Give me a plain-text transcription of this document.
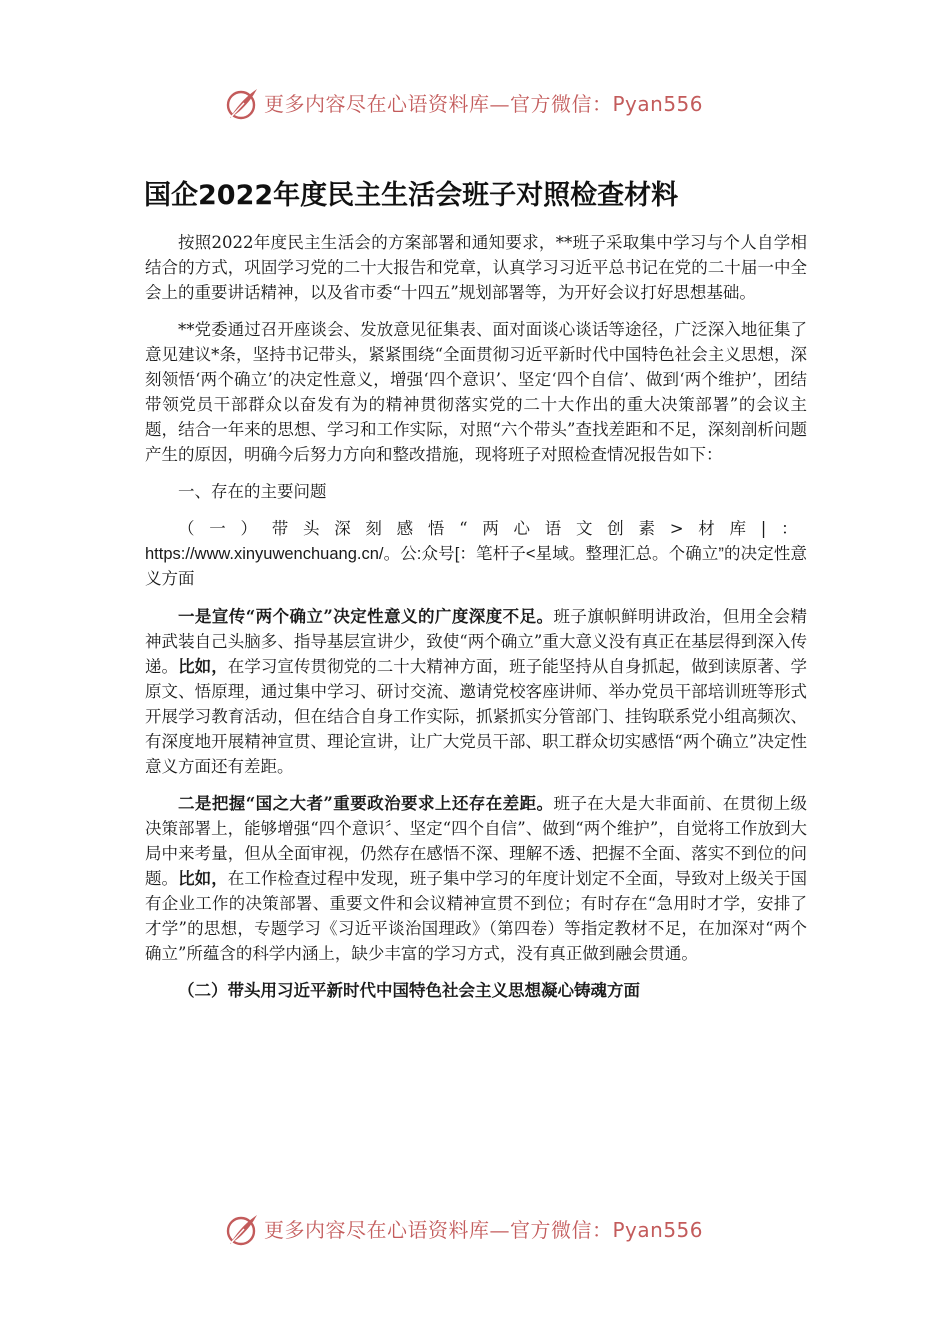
更多内容尽在心语资料库—官方微信：Pyan556
国企2022年度民主生活会班子对照检查材料

按照2022年度民主生活会的方案部署和通知要求，**班子采取集中学习与个人自学相结合的方式，巩固学习党的二十大报告和党章，认真学习习近平总书记在党的二十届一中全会上的重要讲话精神，以及省市委“十四五”规划部署等，为开好会议打好思想基础。

**党委通过召开座谈会、发放意见征集表、面对面谈心谈话等途径，广泛深入地征集了意见建议*条，坚持书记带头，紧紧围绕“全面贯彻习近平新时代中国特色社会主义思想，深刻领悟‘两个确立’的决定性意义，增强‘四个意识’、坚定‘四个自信’、做到‘两个维护’，团结带领党员干部群众以奋发有为的精神贯彻落实党的二十大作出的重大决策部署”的会议主题，结合一年来的思想、学习和工作实际，对照“六个带头”查找差距和不足，深刻剖析问题产生的原因，明确今后努力方向和整改措施，现将班子对照检查情况报告如下：

一、存在的主要问题

（一）带头深刻感悟“两心语文创素>材库|：https://www.xinyuwenchuang.cn/。公:众号[：笔杆子<星域。整理汇总。个确立”的决定性意义方面

一是宣传“两个确立”决定性意义的广度深度不足。班子旗帜鲜明讲政治，但用全会精神武装自己头脑多、指导基层宣讲少，致使“两个确立”重大意义没有真正在基层得到深入传递。比如，在学习宣传贯彻党的二十大精神方面，班子能坚持从自身抓起，做到读原著、学原文、悟原理，通过集中学习、研讨交流、邀请党校客座讲师、举办党员干部培训班等形式开展学习教育活动，但在结合自身工作实际，抓紧抓实分管部门、挂钩联系党小组高频次、有深度地开展精神宣贯、理论宣讲，让广大党员干部、职工群众切实感悟“两个确立”决定性意义方面还有差距。

二是把握“国之大者”重要政治要求上还存在差距。班子在大是大非面前、在贯彻上级决策部署上，能够增强“四个意识〞、坚定“四个自信”、做到“两个维护”，自觉将工作放到大局中来考量，但从全面审视，仍然存在感悟不深、理解不透、把握不全面、落实不到位的问题。比如，在工作检查过程中发现，班子集中学习的年度计划定不全面，导致对上级关于国有企业工作的决策部署、重要文件和会议精神宣贯不到位；有时存在“急用时才学，安排了才学”的思想，专题学习《习近平谈治国理政》（第四卷）等指定教材不足，在加深对“两个确立”所蕴含的科学内涵上，缺少丰富的学习方式，没有真正做到融会贯通。

（二）带头用习近平新时代中国特色社会主义思想凝心铸魂方面

更多内容尽在心语资料库—官方微信：Pyan556
